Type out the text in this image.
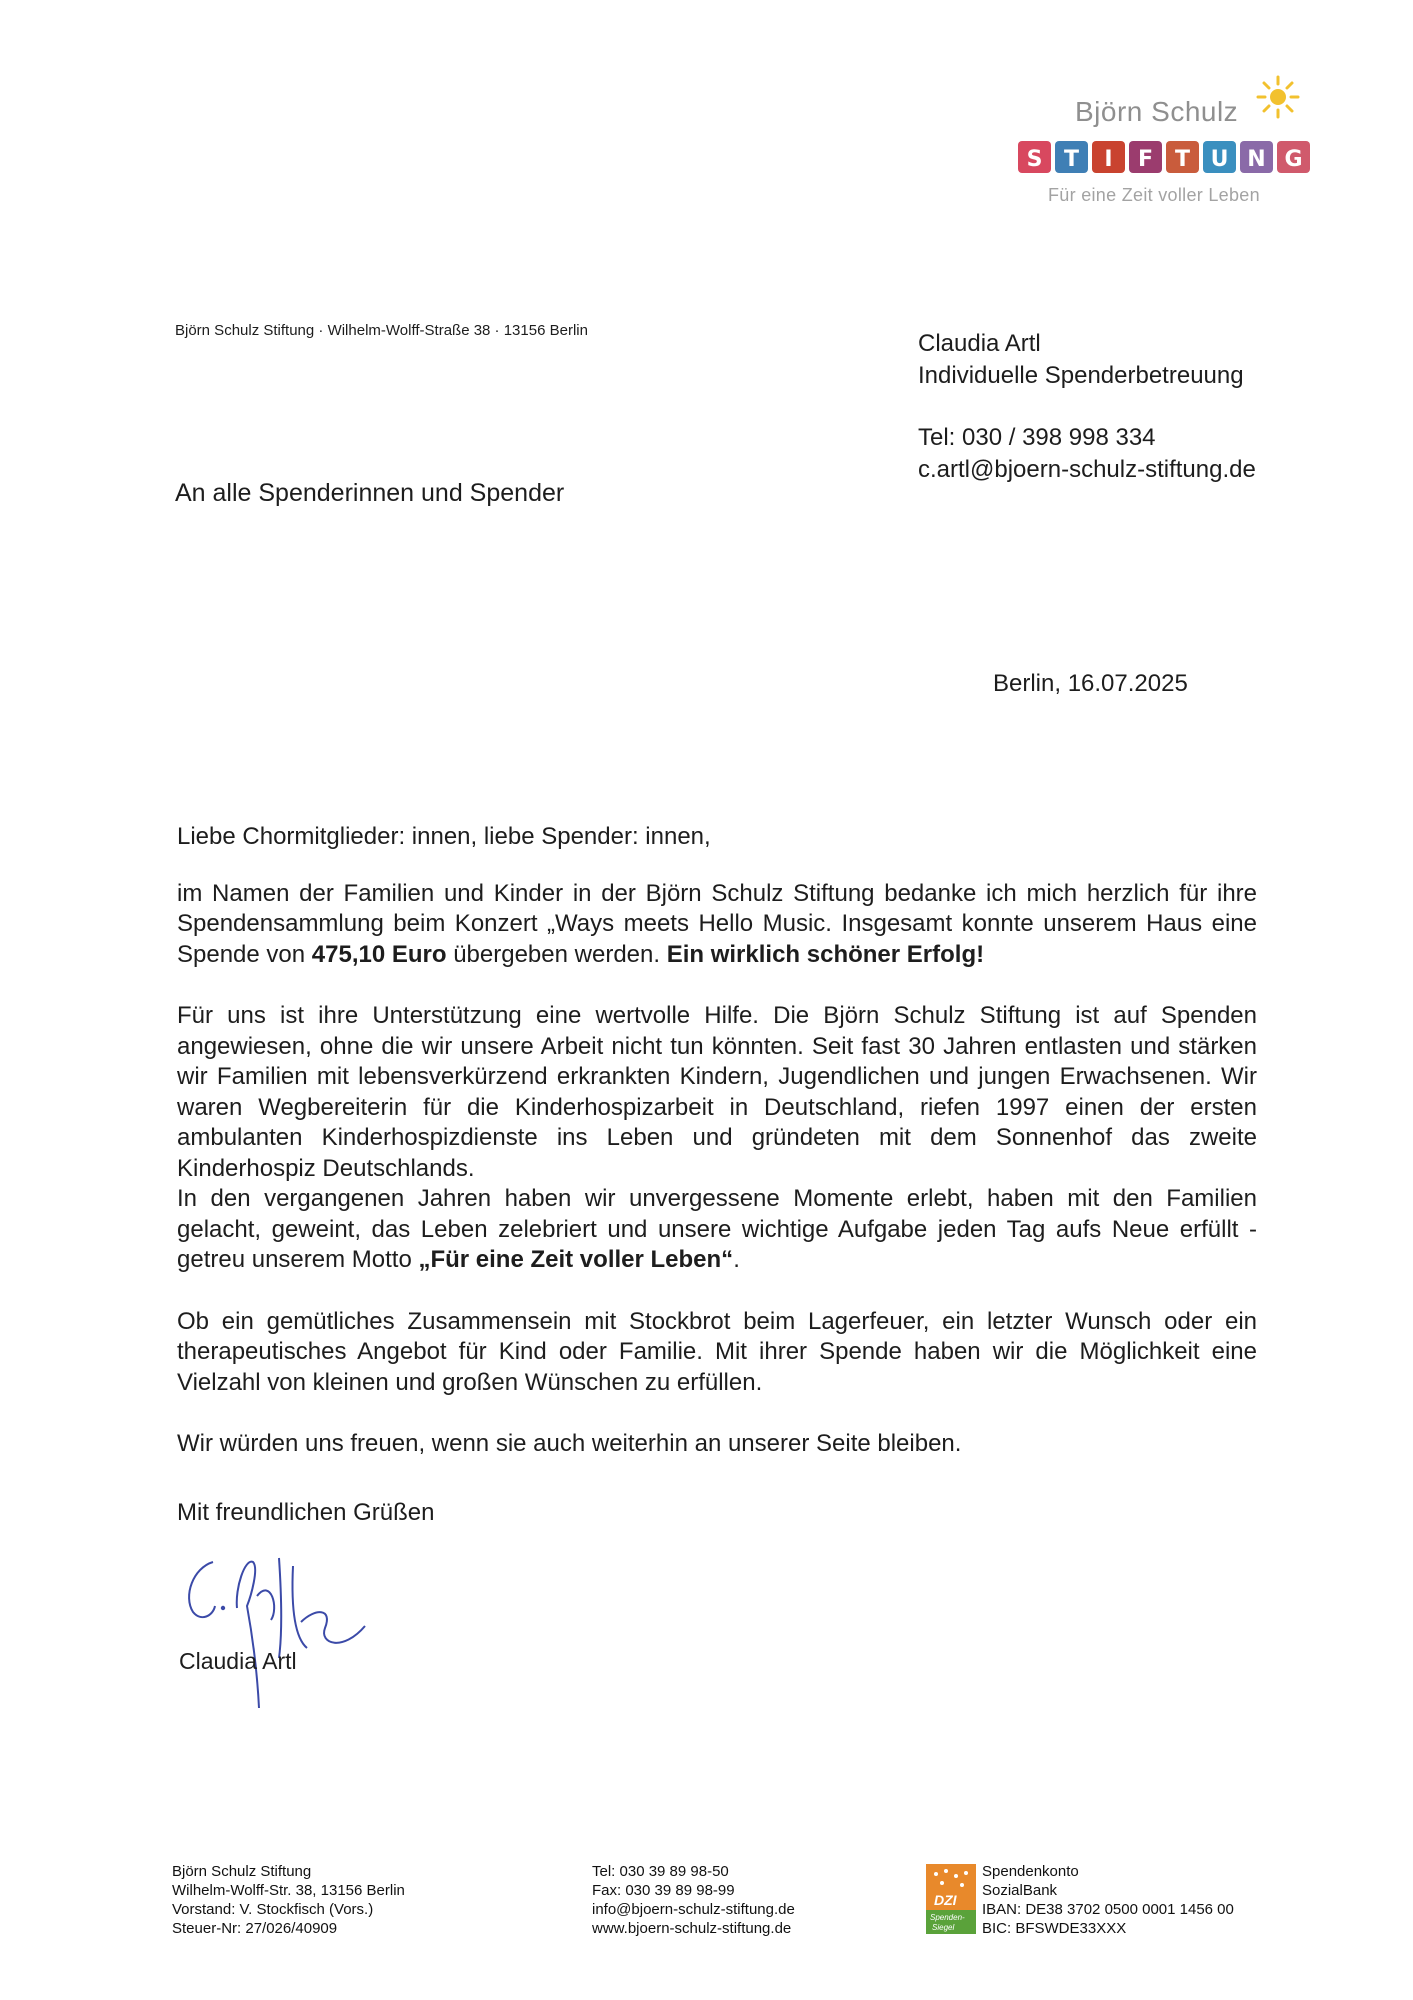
Björn Schulz
S T I F T U N G
Für eine Zeit voller Leben
Björn Schulz Stiftung · Wilhelm-Wolff-Straße 38 · 13156 Berlin	Claudia Artl
Individuelle Spenderbetreuung
Tel: 030 / 398 998 334
c.artl@bjoern-schulz-stiftung.de
An alle Spenderinnen und Spender
Berlin, 16.07.2025

Liebe Chormitglieder: innen, liebe Spender: innen,

im Namen der Familien und Kinder in der Björn Schulz Stiftung bedanke ich mich herzlich für ihre Spendensammlung beim Konzert „Ways meets Hello Music. Insgesamt konnte unserem Haus eine Spende von 475,10 Euro übergeben werden. Ein wirklich schöner Erfolg!

Für uns ist ihre Unterstützung eine wertvolle Hilfe. Die Björn Schulz Stiftung ist auf Spenden angewiesen, ohne die wir unsere Arbeit nicht tun könnten. Seit fast 30 Jahren entlasten und stärken wir Familien mit lebensverkürzend erkrankten Kindern, Jugendlichen und jungen Erwachsenen. Wir waren Wegbereiterin für die Kinderhospizarbeit in Deutschland, riefen 1997 einen der ersten ambulanten Kinderhospizdienste ins Leben und gründeten mit dem Sonnenhof das zweite Kinderhospiz Deutschlands.

In den vergangenen Jahren haben wir unvergessene Momente erlebt, haben mit den Familien gelacht, geweint, das Leben zelebriert und unsere wichtige Aufgabe jeden Tag aufs Neue erfüllt - getreu unserem Motto „Für eine Zeit voller Leben“.

Ob ein gemütliches Zusammensein mit Stockbrot beim Lagerfeuer, ein letzter Wunsch oder ein therapeutisches Angebot für Kind oder Familie. Mit ihrer Spende haben wir die Möglichkeit eine Vielzahl von kleinen und großen Wünschen zu erfüllen.

Wir würden uns freuen, wenn sie auch weiterhin an unserer Seite bleiben.

Mit freundlichen Grüßen

Claudia Artl
Björn Schulz Stiftung
Wilhelm-Wolff-Str. 38, 13156 Berlin
Vorstand: V. Stockfisch (Vors.)
Steuer-Nr: 27/026/40909
Tel: 030 39 89 98-50
Fax: 030 39 89 98-99
info@bjoern-schulz-stiftung.de
www.bjoern-schulz-stiftung.de
DZI
Spenden-
Siegel
Spendenkonto
SozialBank
IBAN: DE38 3702 0500 0001 1456 00
BIC: BFSWDE33XXX
